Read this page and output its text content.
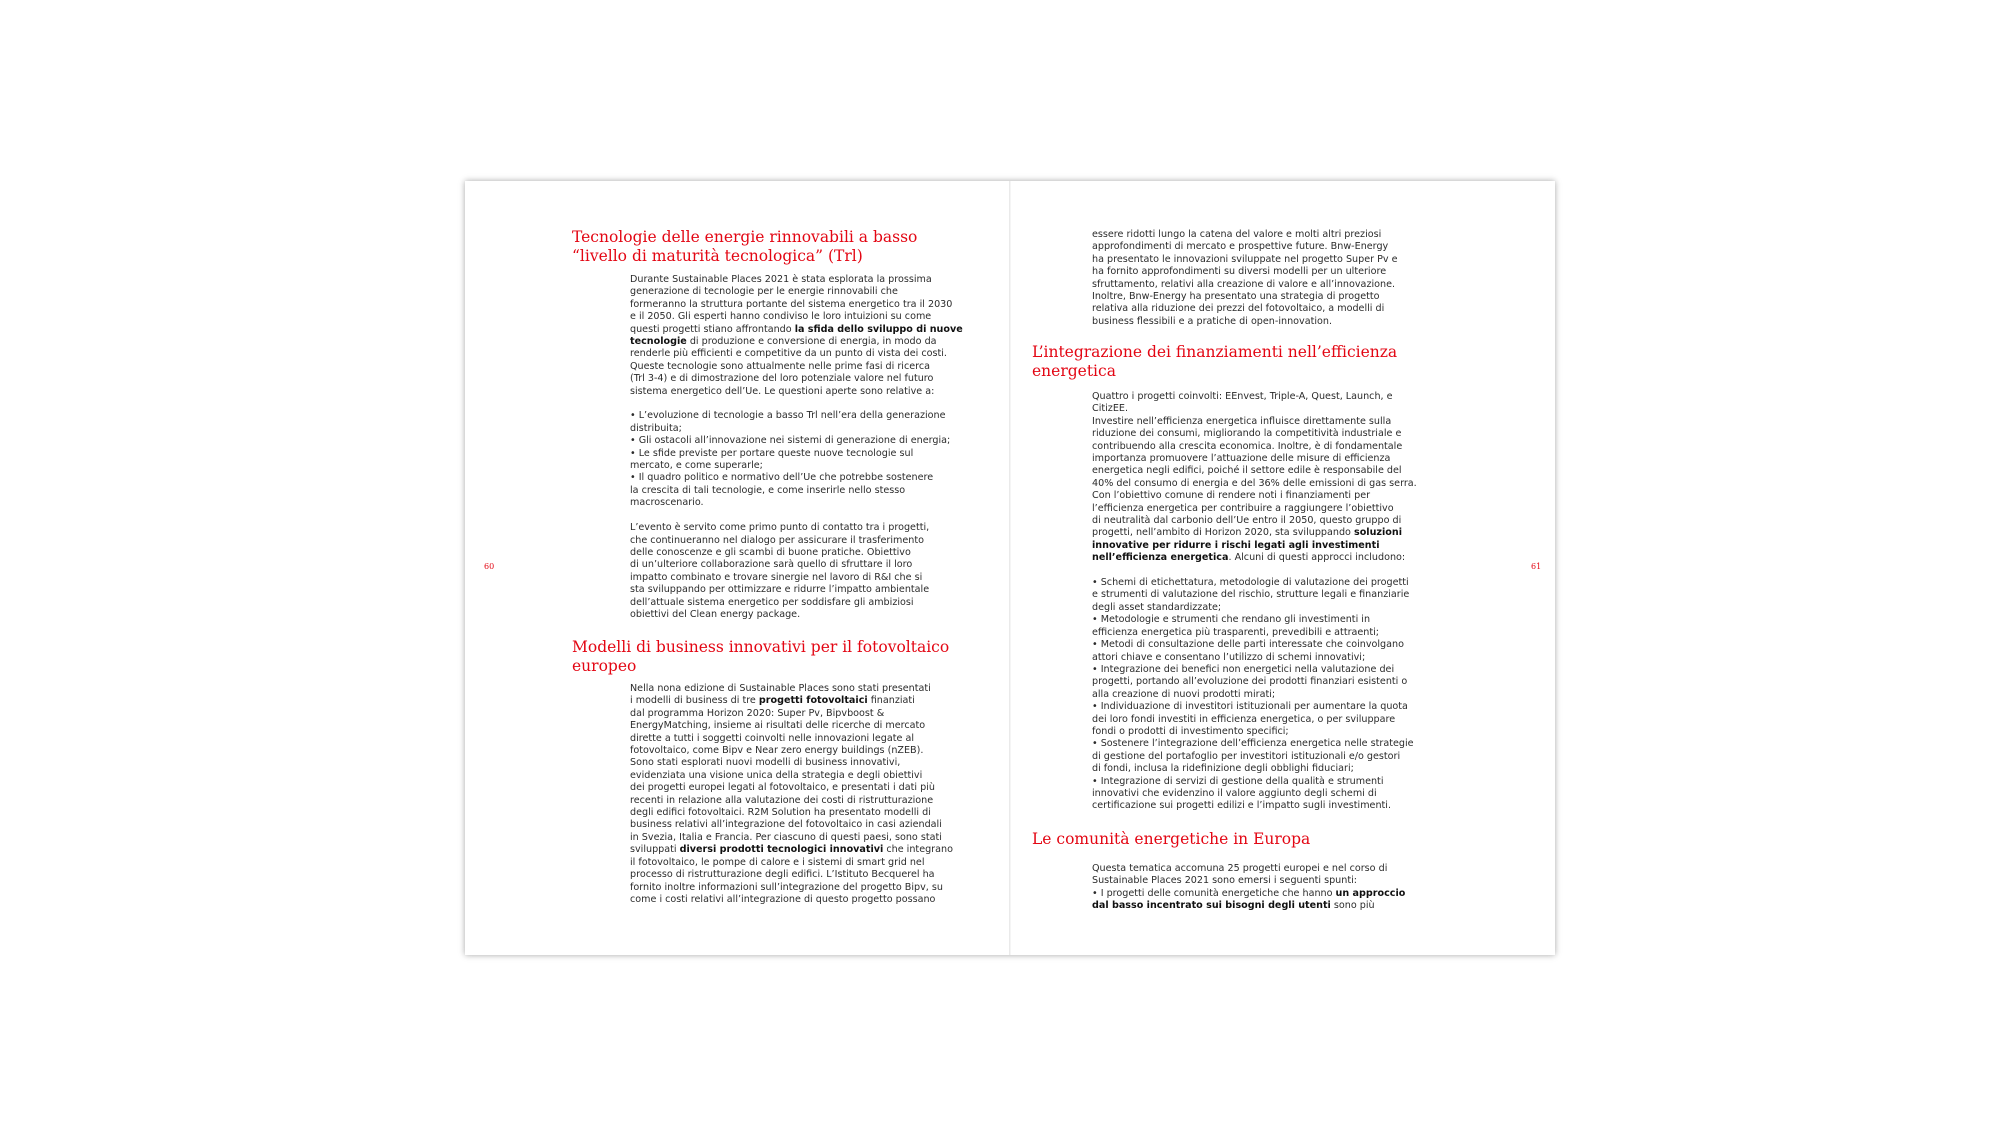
60
Tecnologie delle energie rinnovabili a basso “livello di maturità tecnologica” (Trl)

Durante Sustainable Places 2021 è stata esplorata la prossima

generazione di tecnologie per le energie rinnovabili che

formeranno la struttura portante del sistema energetico tra il 2030

e il 2050. Gli esperti hanno condiviso le loro intuizioni su come

questi progetti stiano affrontando la sfida dello sviluppo di nuove

tecnologie di produzione e conversione di energia, in modo da

renderle più efficienti e competitive da un punto di vista dei costi.

Queste tecnologie sono attualmente nelle prime fasi di ricerca

(Trl 3-4) e di dimostrazione del loro potenziale valore nel futuro

sistema energetico dell’Ue. Le questioni aperte sono relative a:

• L’evoluzione di tecnologie a basso Trl nell’era della generazione

distribuita;

• Gli ostacoli all’innovazione nei sistemi di generazione di energia;

• Le sfide previste per portare queste nuove tecnologie sul

mercato, e come superarle;

• Il quadro politico e normativo dell’Ue che potrebbe sostenere

la crescita di tali tecnologie, e come inserirle nello stesso

macroscenario.

L’evento è servito come primo punto di contatto tra i progetti,

che continueranno nel dialogo per assicurare il trasferimento

delle conoscenze e gli scambi di buone pratiche. Obiettivo

di un’ulteriore collaborazione sarà quello di sfruttare il loro

impatto combinato e trovare sinergie nel lavoro di R&I che si

sta sviluppando per ottimizzare e ridurre l’impatto ambientale

dell’attuale sistema energetico per soddisfare gli ambiziosi

obiettivi del Clean energy package.

Modelli di business innovativi per il fotovoltaico europeo

Nella nona edizione di Sustainable Places sono stati presentati

i modelli di business di tre progetti fotovoltaici finanziati

dal programma Horizon 2020: Super Pv, Bipvboost &

EnergyMatching, insieme ai risultati delle ricerche di mercato

dirette a tutti i soggetti coinvolti nelle innovazioni legate al

fotovoltaico, come Bipv e Near zero energy buildings (nZEB).

Sono stati esplorati nuovi modelli di business innovativi,

evidenziata una visione unica della strategia e degli obiettivi

dei progetti europei legati al fotovoltaico, e presentati i dati più

recenti in relazione alla valutazione dei costi di ristrutturazione

degli edifici fotovoltaici. R2M Solution ha presentato modelli di

business relativi all’integrazione del fotovoltaico in casi aziendali

in Svezia, Italia e Francia. Per ciascuno di questi paesi, sono stati

sviluppati diversi prodotti tecnologici innovativi che integrano

il fotovoltaico, le pompe di calore e i sistemi di smart grid nel

processo di ristrutturazione degli edifici. L’Istituto Becquerel ha

fornito inoltre informazioni sull’integrazione del progetto Bipv, su

come i costi relativi all’integrazione di questo progetto possano

61

essere ridotti lungo la catena del valore e molti altri preziosi

approfondimenti di mercato e prospettive future. Bnw-Energy

ha presentato le innovazioni sviluppate nel progetto Super Pv e

ha fornito approfondimenti su diversi modelli per un ulteriore

sfruttamento, relativi alla creazione di valore e all’innovazione.

Inoltre, Bnw-Energy ha presentato una strategia di progetto

relativa alla riduzione dei prezzi del fotovoltaico, a modelli di

business flessibili e a pratiche di open-innovation.

L’integrazione dei finanziamenti nell’efficienza energetica

Quattro i progetti coinvolti: EEnvest, Triple-A, Quest, Launch, e

CitizEE.

Investire nell’efficienza energetica influisce direttamente sulla

riduzione dei consumi, migliorando la competitività industriale e

contribuendo alla crescita economica. Inoltre, è di fondamentale

importanza promuovere l’attuazione delle misure di efficienza

energetica negli edifici, poiché il settore edile è responsabile del

40% del consumo di energia e del 36% delle emissioni di gas serra.

Con l’obiettivo comune di rendere noti i finanziamenti per

l’efficienza energetica per contribuire a raggiungere l’obiettivo

di neutralità dal carbonio dell’Ue entro il 2050, questo gruppo di

progetti, nell’ambito di Horizon 2020, sta sviluppando soluzioni

innovative per ridurre i rischi legati agli investimenti

nell’efficienza energetica. Alcuni di questi approcci includono:

• Schemi di etichettatura, metodologie di valutazione dei progetti

e strumenti di valutazione del rischio, strutture legali e finanziarie

degli asset standardizzate;

• Metodologie e strumenti che rendano gli investimenti in

efficienza energetica più trasparenti, prevedibili e attraenti;

• Metodi di consultazione delle parti interessate che coinvolgano

attori chiave e consentano l’utilizzo di schemi innovativi;

• Integrazione dei benefici non energetici nella valutazione dei

progetti, portando all’evoluzione dei prodotti finanziari esistenti o

alla creazione di nuovi prodotti mirati;

• Individuazione di investitori istituzionali per aumentare la quota

dei loro fondi investiti in efficienza energetica, o per sviluppare

fondi o prodotti di investimento specifici;

• Sostenere l’integrazione dell’efficienza energetica nelle strategie

di gestione del portafoglio per investitori istituzionali e/o gestori

di fondi, inclusa la ridefinizione degli obblighi fiduciari;

• Integrazione di servizi di gestione della qualità e strumenti

innovativi che evidenzino il valore aggiunto degli schemi di

certificazione sui progetti edilizi e l’impatto sugli investimenti.

Le comunità energetiche in Europa

Questa tematica accomuna 25 progetti europei e nel corso di

Sustainable Places 2021 sono emersi i seguenti spunti:

• I progetti delle comunità energetiche che hanno un approccio

dal basso incentrato sui bisogni degli utenti sono più
